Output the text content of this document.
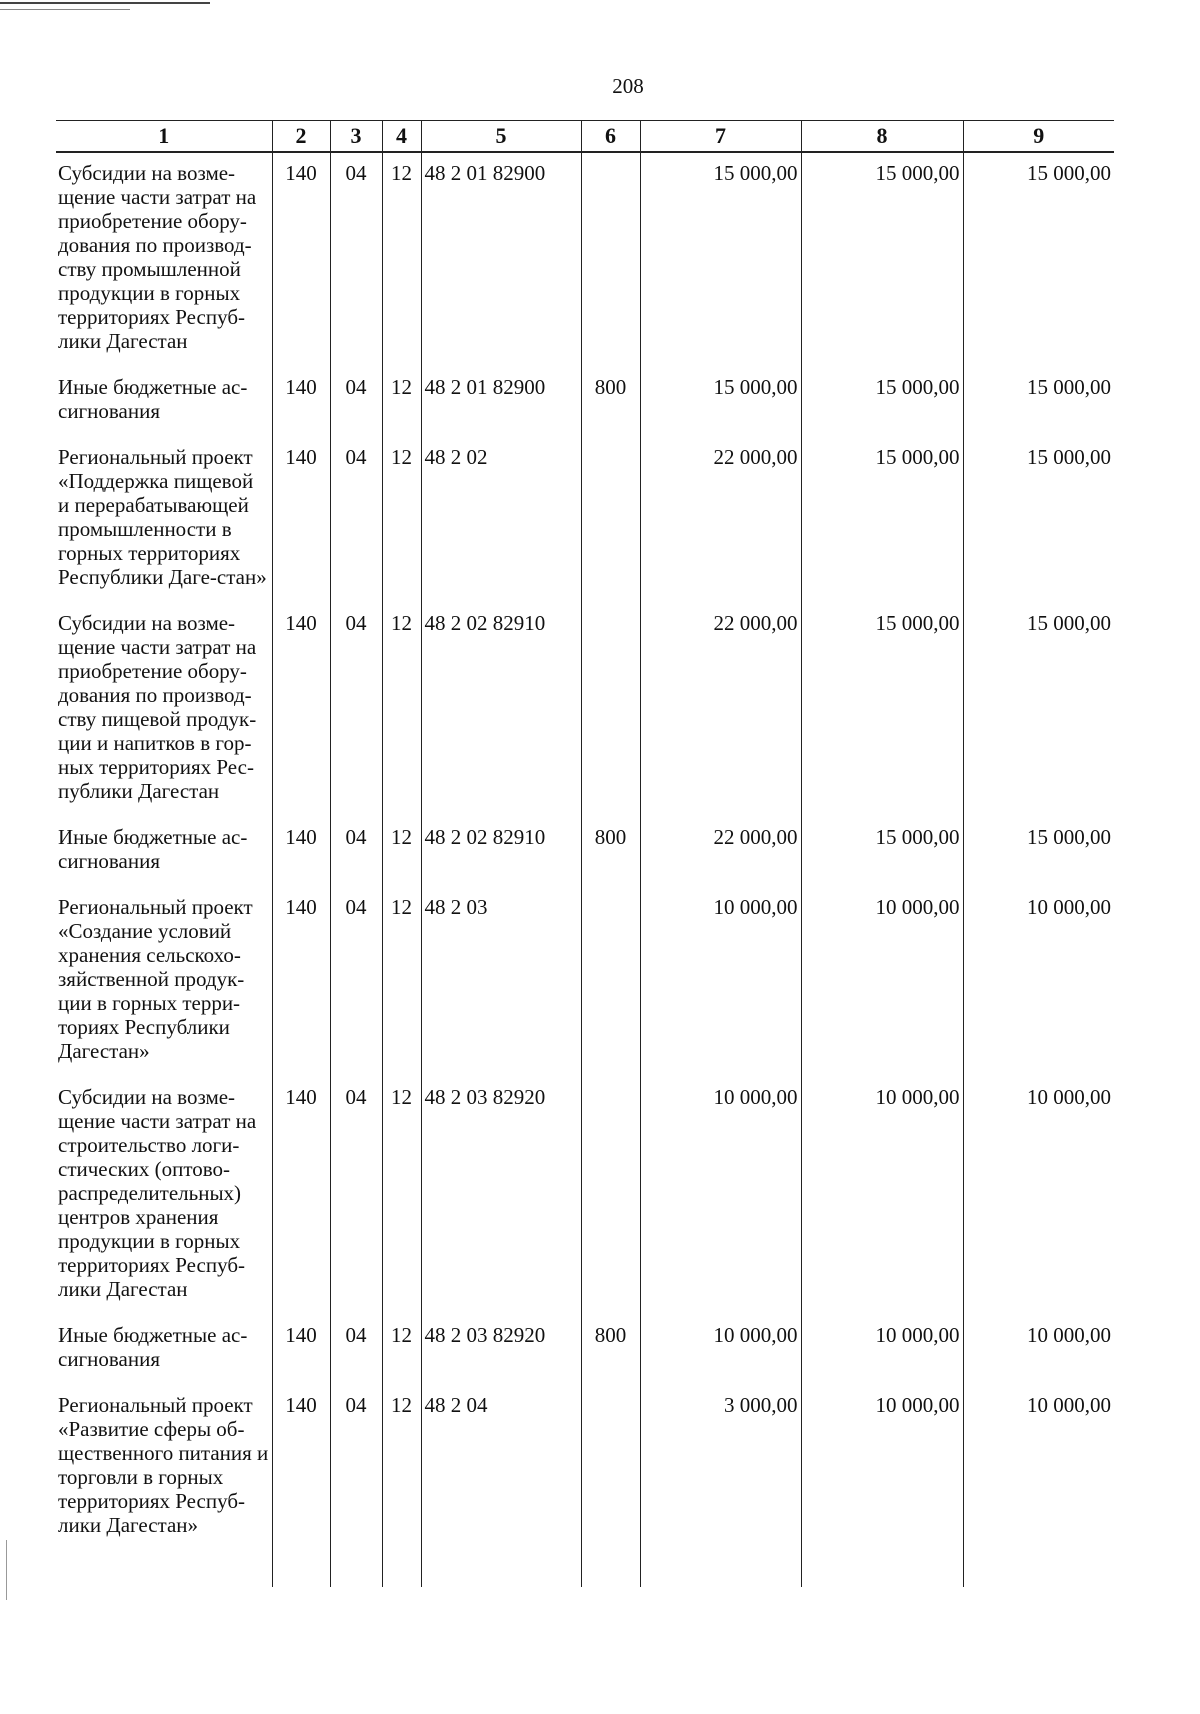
208
1	2	3	4	5	6	7	8	9
Субсидии на возме-щение части затрат на приобретение обору-дования по производ-ству промышленной продукции в горных территориях Респуб-лики Дагестан	140	04	12	48 2 01 82900		15 000,00	15 000,00	15 000,00
Иные бюджетные ас-сигнования	140	04	12	48 2 01 82900	800	15 000,00	15 000,00	15 000,00
Региональный проект «Поддержка пищевой и перерабатывающей промышленности в горных территориях Республики Даге-стан»	140	04	12	48 2 02		22 000,00	15 000,00	15 000,00
Субсидии на возме-щение части затрат на приобретение обору-дования по производ-ству пищевой продук-ции и напитков в гор-ных территориях Рес-публики Дагестан	140	04	12	48 2 02 82910		22 000,00	15 000,00	15 000,00
Иные бюджетные ас-сигнования	140	04	12	48 2 02 82910	800	22 000,00	15 000,00	15 000,00
Региональный проект «Создание условий хранения сельскохо-зяйственной продук-ции в горных терри-ториях Республики Дагестан»	140	04	12	48 2 03		10 000,00	10 000,00	10 000,00
Субсидии на возме-щение части затрат на строительство логи-стических (оптово-распределительных) центров хранения продукции в горных территориях Респуб-лики Дагестан	140	04	12	48 2 03 82920		10 000,00	10 000,00	10 000,00
Иные бюджетные ас-сигнования	140	04	12	48 2 03 82920	800	10 000,00	10 000,00	10 000,00
Региональный проект «Развитие сферы об-щественного питания и торговли в горных территориях Респуб-лики Дагестан»	140	04	12	48 2 04		3 000,00	10 000,00	10 000,00
